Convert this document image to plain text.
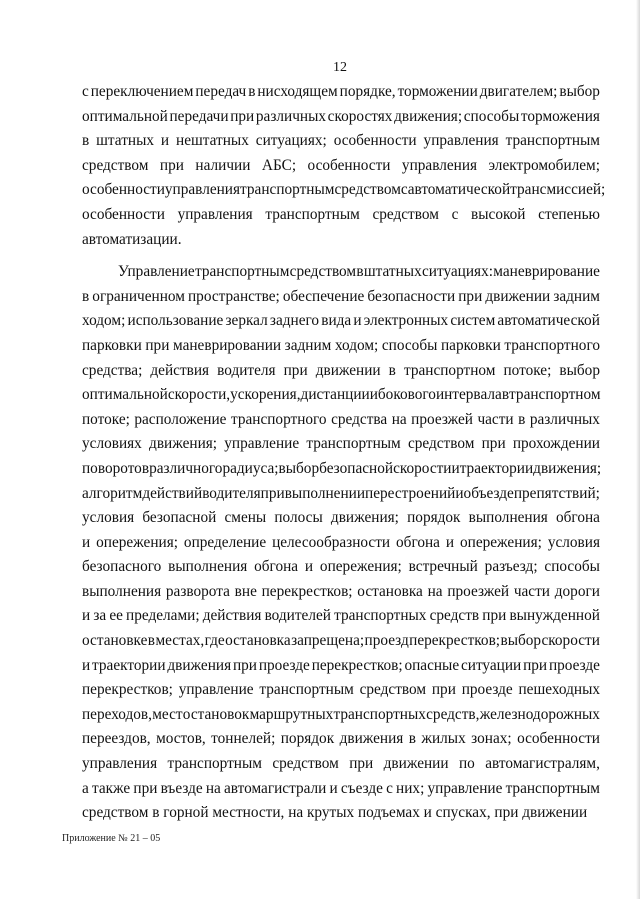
12
с переключением передач в нисходящем порядке, торможении двигателем; выбор
оптимальной передачи при различных скоростях движения; способы торможения
в штатных и нештатных ситуациях; особенности управления транспортным
средством при наличии АБС; особенности управления электромобилем;
особенности управления транспортным средством с автоматической трансмиссией;
особенности управления транспортным средством с высокой степенью
автоматизации.
Управление транспортным средством в штатных ситуациях: маневрирование
в ограниченном пространстве; обеспечение безопасности при движении задним
ходом; использование зеркал заднего вида и электронных систем автоматической
парковки при маневрировании задним ходом; способы парковки транспортного
средства; действия водителя при движении в транспортном потоке; выбор
оптимальной скорости, ускорения, дистанции и бокового интервала в транспортном
потоке; расположение транспортного средства на проезжей части в различных
условиях движения; управление транспортным средством при прохождении
поворотов различного радиуса; выбор безопасной скорости и траектории движения;
алгоритм действий водителя при выполнении перестроений и объезде препятствий;
условия безопасной смены полосы движения; порядок выполнения обгона
и опережения; определение целесообразности обгона и опережения; условия
безопасного выполнения обгона и опережения; встречный разъезд; способы
выполнения разворота вне перекрестков; остановка на проезжей части дороги
и за ее пределами; действия водителей транспортных средств при вынужденной
остановке в местах, где остановка запрещена; проезд перекрестков; выбор скорости
и траектории движения при проезде перекрестков; опасные ситуации при проезде
перекрестков; управление транспортным средством при проезде пешеходных
переходов, мест остановок маршрутных транспортных средств, железнодорожных
переездов, мостов, тоннелей; порядок движения в жилых зонах; особенности
управления транспортным средством при движении по автомагистралям,
а также при въезде на автомагистрали и съезде с них; управление транспортным
средством в горной местности, на крутых подъемах и спусках, при движении
Приложение № 21 – 05
